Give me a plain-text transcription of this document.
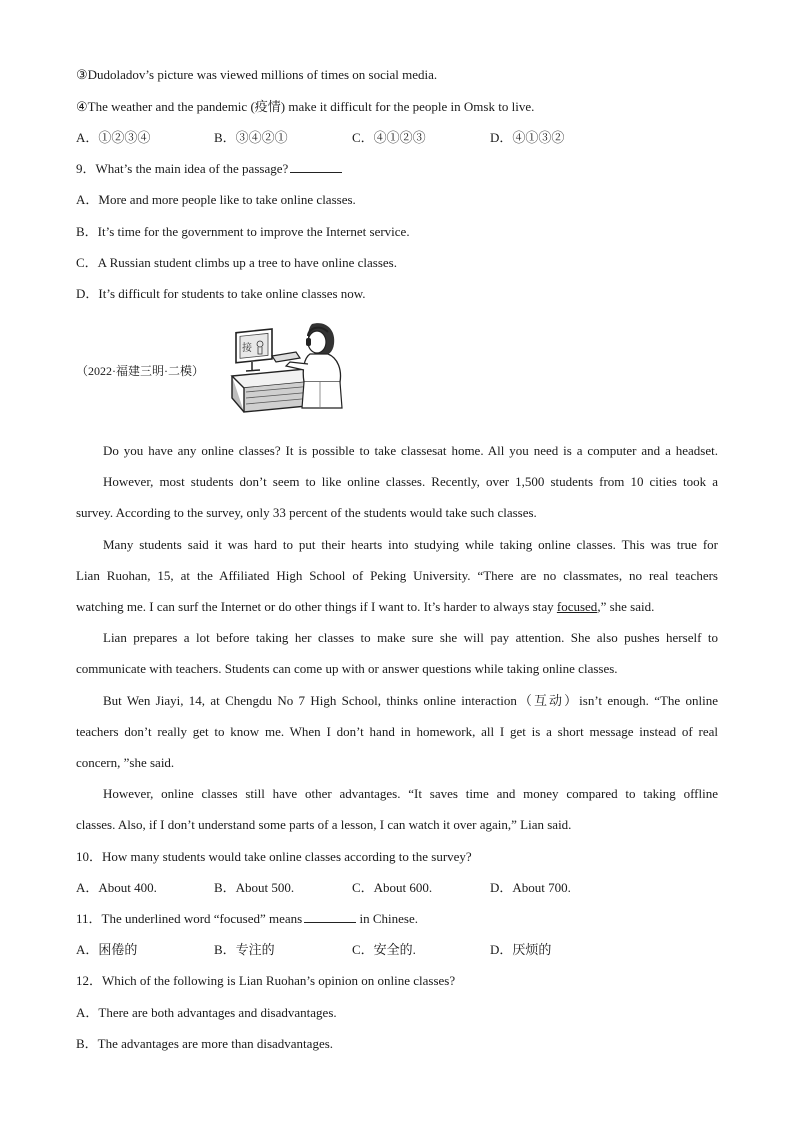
③Dudoladov’s picture was viewed millions of times on social media.
④The weather and the pandemic (疫情) make it difficult for the people in Omsk to live.
A．①②③④	B．③④②①	C．④①②③	D．④①③②
9．What’s the main idea of the passage?
A．More and more people like to take online classes.
B．It’s time for the government to improve the Internet service.
C．A Russian student climbs up a tree to have online classes.
D．It’s difficult for students to take online classes now.
（2022·福建三明·二模）
接
Do you have any online classes? It is possible to take classesat home. All you need is a computer and a headset.
However, most students don’t seem to like online classes. Recently, over 1,500 students from 10 cities took a
survey. According to the survey, only 33 percent of the students would take such classes.
Many students said it was hard to put their hearts into studying while taking online classes. This was true for
Lian Ruohan, 15, at the Affiliated High School of Peking University. “There are no classmates, no real teachers
watching me. I can surf the Internet or do other things if I want to. It’s harder to always stay focused,” she said.
Lian prepares a lot before taking her classes to make sure she will pay attention. She also pushes herself to
communicate with teachers. Students can come up with or answer questions while taking online classes.
But Wen Jiayi, 14, at Chengdu No 7 High School, thinks online interaction（互动）isn’t enough. “The online
teachers don’t really get to know me. When I don’t hand in homework, all I get is a short message instead of real
concern, ”she said.
However, online classes still have other advantages. “It saves time and money compared to taking offline
classes. Also, if I don’t understand some parts of a lesson, I can watch it over again,” Lian said.
10．How many students would take online classes according to the survey?
A．About 400.	B．About 500.	C．About 600.	D．About 700.
11．The underlined word “focused” means	in Chinese.
A．困倦的	B．专注的	C．安全的.	D．厌烦的
12．Which of the following is Lian Ruohan’s opinion on online classes?
A．There are both advantages and disadvantages.
B．The advantages are more than disadvantages.
